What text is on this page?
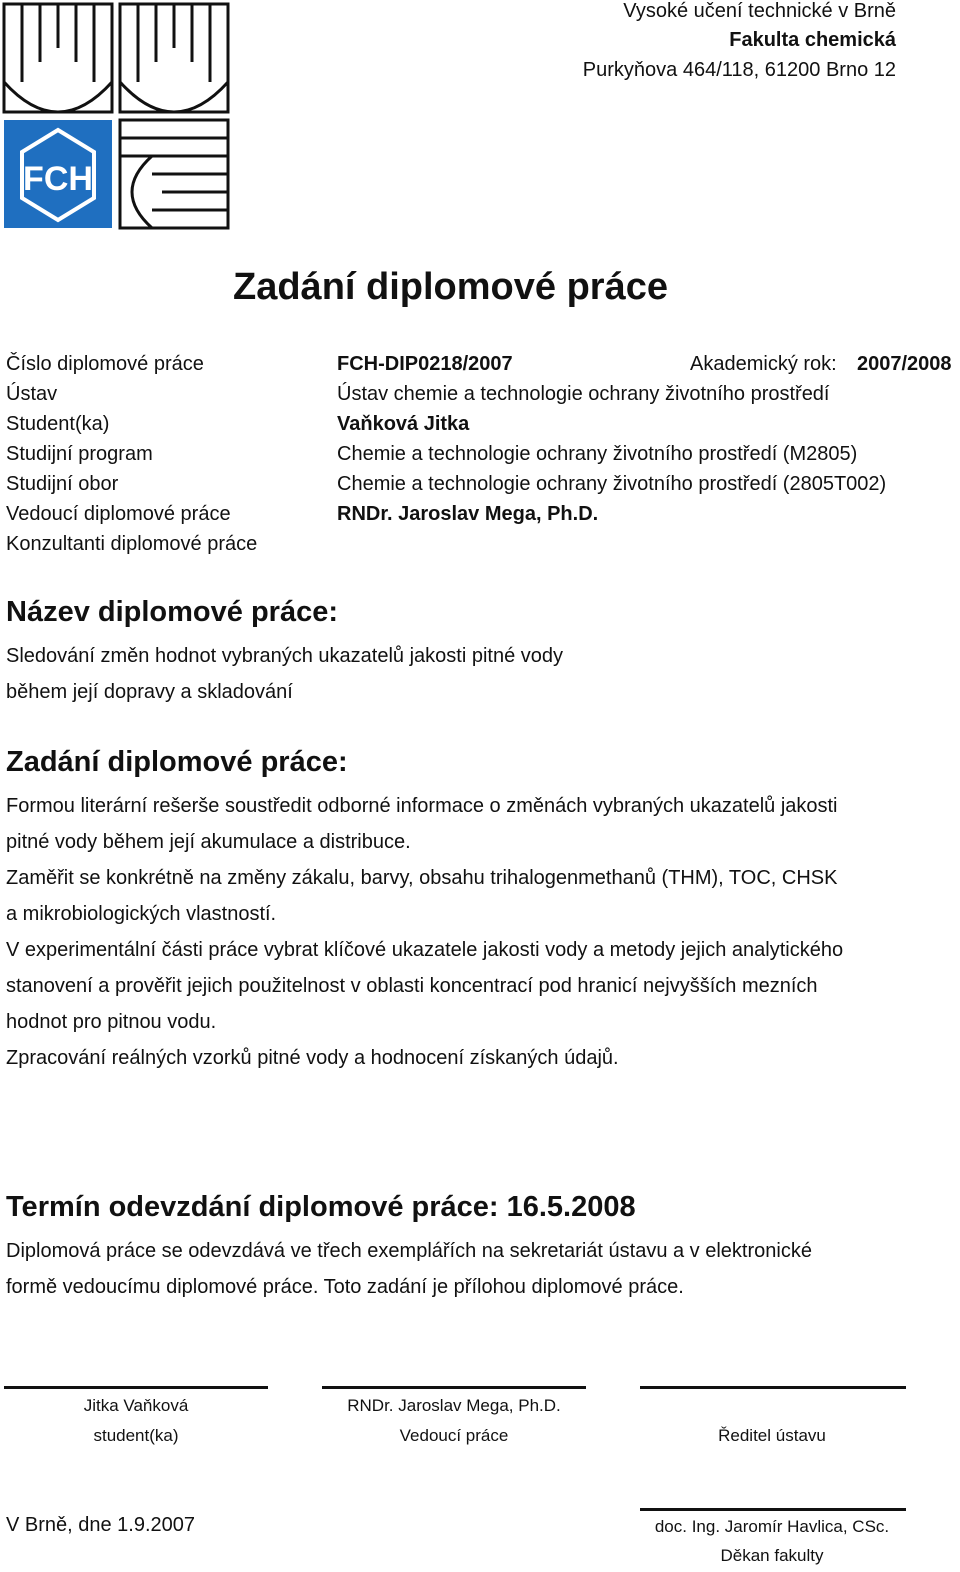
FCH
Vysoké učení technické v Brně
Fakulta chemická
Purkyňova 464/118, 61200 Brno 12
Zadání diplomové práce
Číslo diplomové práce	FCH-DIP0218/2007	Akademický rok: 2007/2008
Ústav	Ústav chemie a technologie ochrany životního prostředí
Student(ka)	Vaňková Jitka
Studijní program	Chemie a technologie ochrany životního prostředí (M2805)
Studijní obor	Chemie a technologie ochrany životního prostředí (2805T002)
Vedoucí diplomové práce	RNDr. Jaroslav Mega, Ph.D.
Konzultanti diplomové práce
Název diplomové práce:
Sledování změn hodnot vybraných ukazatelů jakosti pitné vody
během její dopravy a skladování
Zadání diplomové práce:
Formou literární rešerše soustředit odborné informace o změnách vybraných ukazatelů jakosti
pitné vody během její akumulace a distribuce.
Zaměřit se konkrétně na změny zákalu, barvy, obsahu trihalogenmethanů (THM), TOC, CHSK
a mikrobiologických vlastností.
V experimentální části práce vybrat klíčové ukazatele jakosti vody a metody jejich analytického
stanovení a prověřit jejich použitelnost v oblasti koncentrací pod hranicí nejvyšších mezních
hodnot pro pitnou vodu.
Zpracování reálných vzorků pitné vody a hodnocení získaných údajů.
Termín odevzdání diplomové práce: 16.5.2008
Diplomová práce se odevzdává ve třech exemplářích na sekretariát ústavu a v elektronické
formě vedoucímu diplomové práce. Toto zadání je přílohou diplomové práce.
Jitka Vaňková
student(ka)
RNDr. Jaroslav Mega, Ph.D.
Vedoucí práce	Ředitel ústavu
V Brně, dne 1.9.2007	doc. Ing. Jaromír Havlica, CSc.
Děkan fakulty
